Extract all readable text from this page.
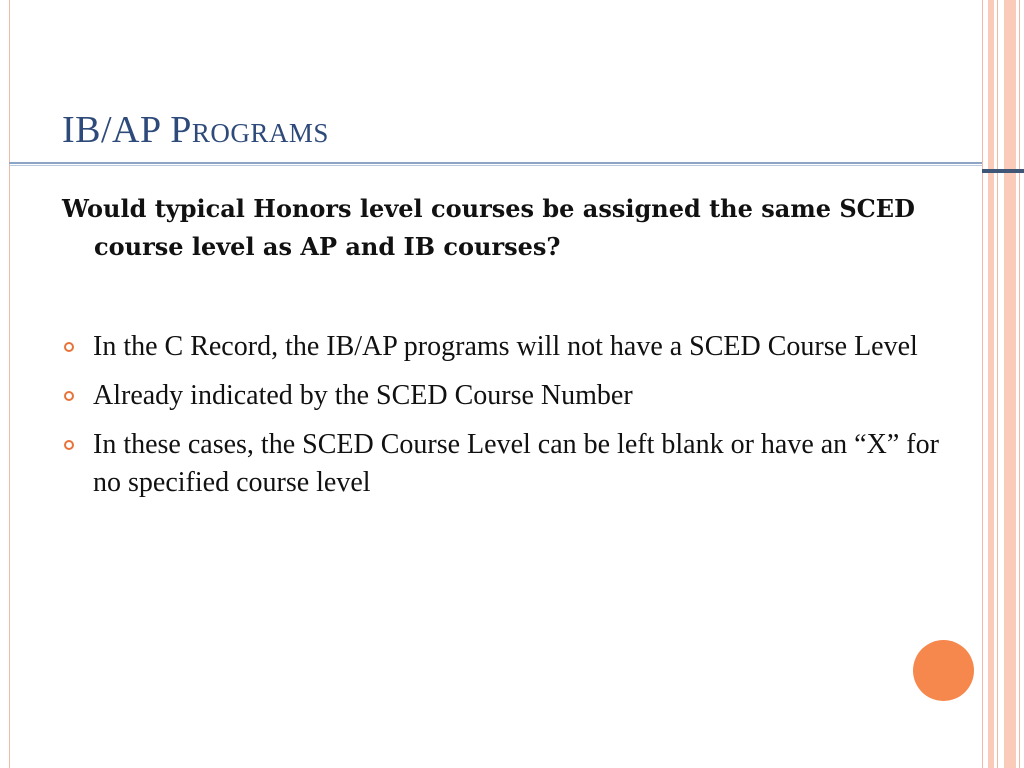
IB/AP Programs
Would typical Honors level courses be assigned the same SCED course level as AP and IB courses?
In the C Record, the IB/AP programs will not have a SCED Course Level
Already indicated by the SCED Course Number
In these cases, the SCED Course Level can be left blank or have an “X” for no specified course level
